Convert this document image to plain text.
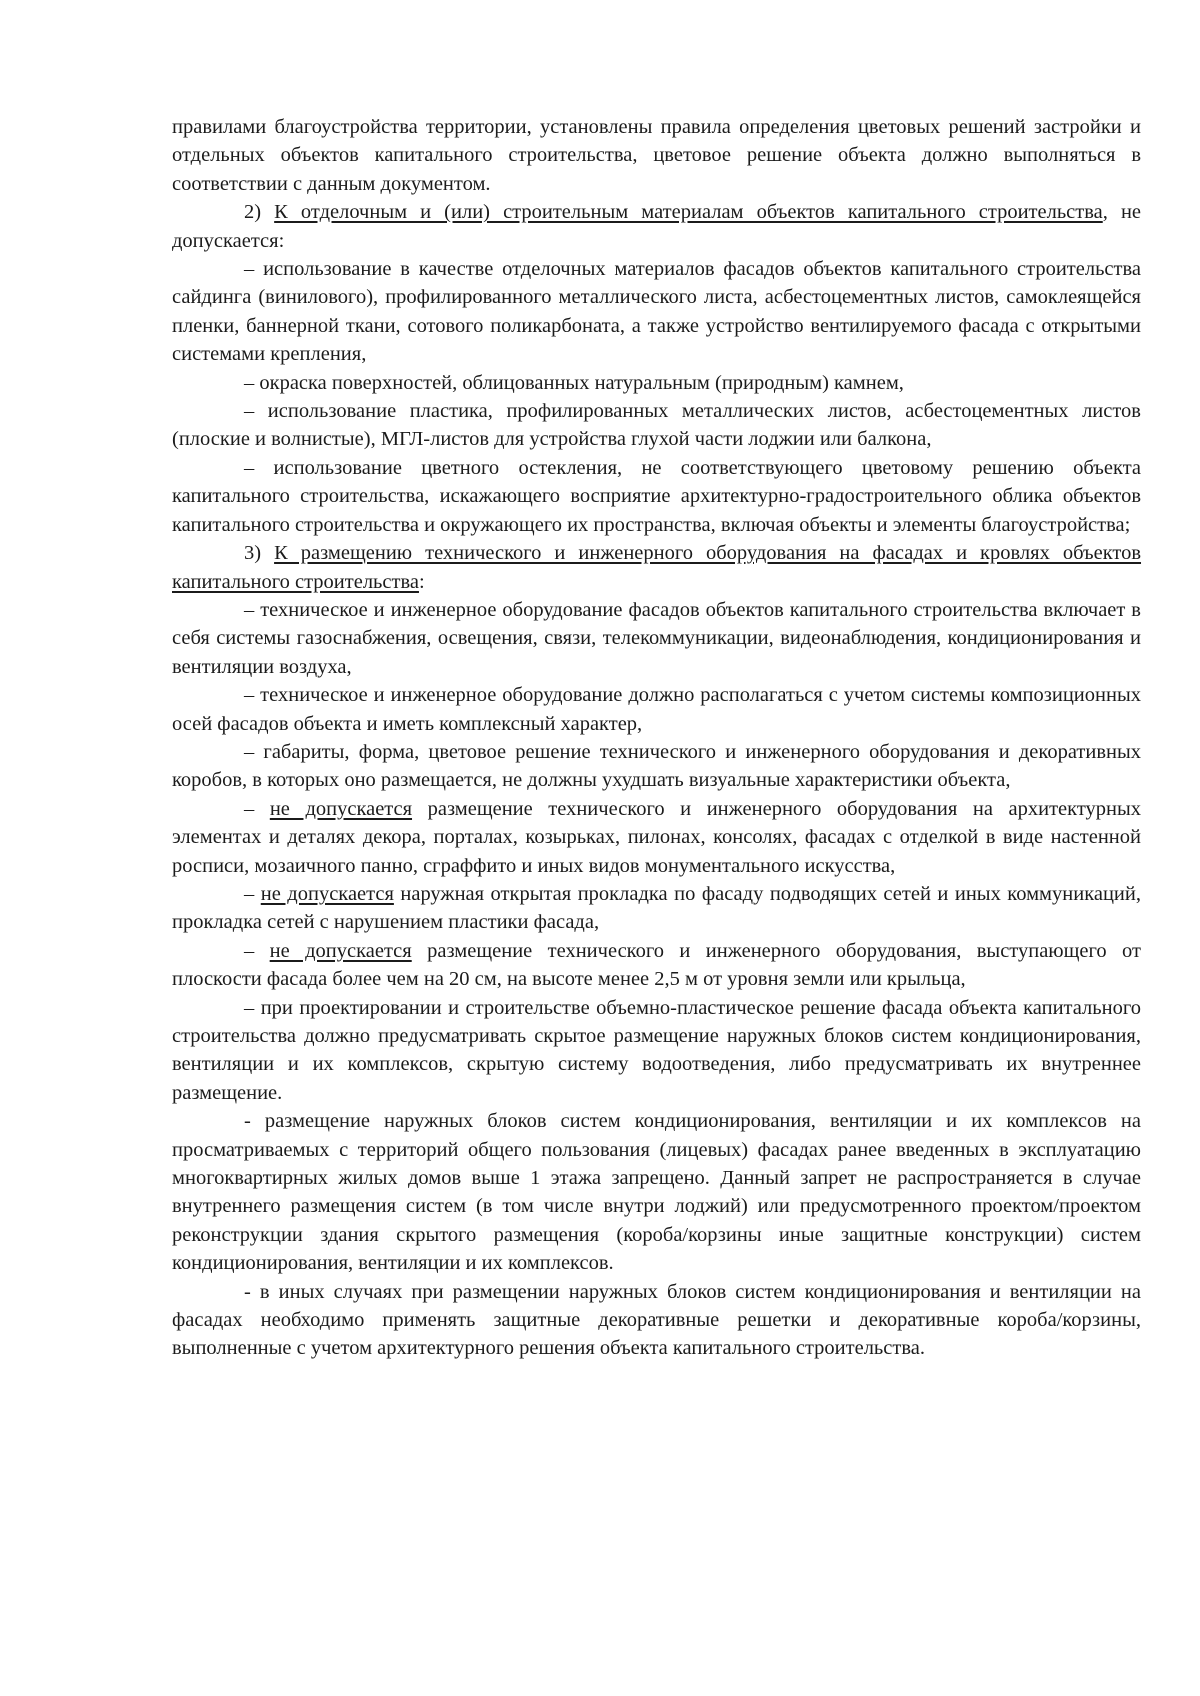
правилами благоустройства территории, установлены правила определения цветовых решений застройки и отдельных объектов капитального строительства, цветовое решение объекта должно выполняться в соответствии с данным документом.

2) К отделочным и (или) строительным материалам объектов капитального строительства, не допускается:

– использование в качестве отделочных материалов фасадов объектов капитального строительства сайдинга (винилового), профилированного металлического листа, асбестоцементных листов, самоклеящейся пленки, баннерной ткани, сотового поликарбоната, а также устройство вентилируемого фасада с открытыми системами крепления,

– окраска поверхностей, облицованных натуральным (природным) камнем,

– использование пластика, профилированных металлических листов, асбестоцементных листов (плоские и волнистые), МГЛ-листов для устройства глухой части лоджии или балкона,

– использование цветного остекления, не соответствующего цветовому решению объекта капитального строительства, искажающего восприятие архитектурно-градостроительного облика объектов капитального строительства и окружающего их пространства, включая объекты и элементы благоустройства;

3) К размещению технического и инженерного оборудования на фасадах и кровлях объектов капитального строительства:

– техническое и инженерное оборудование фасадов объектов капитального строительства включает в себя системы газоснабжения, освещения, связи, телекоммуникации, видеонаблюдения, кондиционирования и вентиляции воздуха,

– техническое и инженерное оборудование должно располагаться с учетом системы композиционных осей фасадов объекта и иметь комплексный характер,

– габариты, форма, цветовое решение технического и инженерного оборудования и декоративных коробов, в которых оно размещается, не должны ухудшать визуальные характеристики объекта,

– не допускается размещение технического и инженерного оборудования на архитектурных элементах и деталях декора, порталах, козырьках, пилонах, консолях, фасадах с отделкой в виде настенной росписи, мозаичного панно, сграффито и иных видов монументального искусства,

– не допускается наружная открытая прокладка по фасаду подводящих сетей и иных коммуникаций, прокладка сетей с нарушением пластики фасада,

– не допускается размещение технического и инженерного оборудования, выступающего от плоскости фасада более чем на 20 см, на высоте менее 2,5 м от уровня земли или крыльца,

– при проектировании и строительстве объемно-пластическое решение фасада объекта капитального строительства должно предусматривать скрытое размещение наружных блоков систем кондиционирования, вентиляции и их комплексов, скрытую систему водоотведения, либо предусматривать их внутреннее размещение.

- размещение наружных блоков систем кондиционирования, вентиляции и их комплексов на просматриваемых с территорий общего пользования (лицевых) фасадах ранее введенных в эксплуатацию многоквартирных жилых домов выше 1 этажа запрещено. Данный запрет не распространяется в случае внутреннего размещения систем (в том числе внутри лоджий) или предусмотренного проектом/проектом реконструкции здания скрытого размещения (короба/корзины иные защитные конструкции) систем кондиционирования, вентиляции и их комплексов.

- в иных случаях при размещении наружных блоков систем кондиционирования и вентиляции на фасадах необходимо применять защитные декоративные решетки и декоративные короба/корзины, выполненные с учетом архитектурного решения объекта капитального строительства.
